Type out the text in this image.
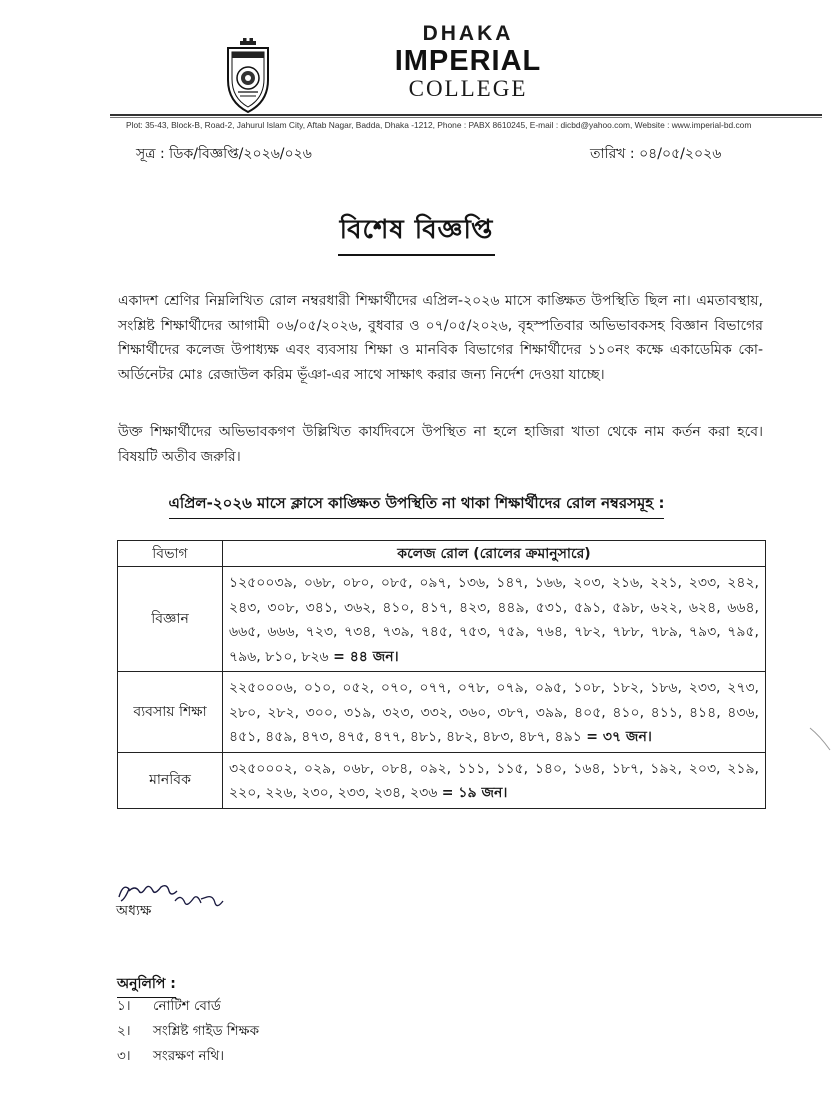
DHAKA
IMPERIAL
COLLEGE
Plot: 35-43, Block-B, Road-2, Jahurul Islam City, Aftab Nagar, Badda, Dhaka -1212, Phone : PABX 8610245, E-mail : dicbd@yahoo.com, Website : www.imperial-bd.com
সূত্র : ডিক/বিজ্ঞপ্তি/২০২৬/০২৬	তারিখ : ০৪/০৫/২০২৬
বিশেষ বিজ্ঞপ্তি
একাদশ শ্রেণির নিম্নলিখিত রোল নম্বরধারী শিক্ষার্থীদের এপ্রিল-২০২৬ মাসে কাঙ্ক্ষিত উপস্থিতি ছিল না। এমতাবস্থায়, সংশ্লিষ্ট শিক্ষার্থীদের আগামী ০৬/০৫/২০২৬, বুধবার ও ০৭/০৫/২০২৬, বৃহস্পতিবার অভিভাবকসহ বিজ্ঞান বিভাগের শিক্ষার্থীদের কলেজ উপাধ্যক্ষ এবং ব্যবসায় শিক্ষা ও মানবিক বিভাগের শিক্ষার্থীদের ১১০নং কক্ষে একাডেমিক কো-অর্ডিনেটর মোঃ রেজাউল করিম ভূঁঞা-এর সাথে সাক্ষাৎ করার জন্য নির্দেশ দেওয়া যাচ্ছে।
উক্ত শিক্ষার্থীদের অভিভাবকগণ উল্লিখিত কার্যদিবসে উপস্থিত না হলে হাজিরা খাতা থেকে নাম কর্তন করা হবে। বিষয়টি অতীব জরুরি।
এপ্রিল-২০২৬ মাসে ক্লাসে কাঙ্ক্ষিত উপস্থিতি না থাকা শিক্ষার্থীদের রোল নম্বরসমূহ :
বিভাগ	কলেজ রোল (রোলের ক্রমানুসারে)
বিজ্ঞান	১২৫০০৩৯, ০৬৮, ০৮০, ০৮৫, ০৯৭, ১৩৬, ১৪৭, ১৬৬, ২০৩, ২১৬, ২২১, ২৩৩, ২৪২, ২৪৩, ৩০৮, ৩৪১, ৩৬২, ৪১০, ৪১৭, ৪২৩, ৪৪৯, ৫৩১, ৫৯১, ৫৯৮, ৬২২, ৬২৪, ৬৬৪, ৬৬৫, ৬৬৬, ৭২৩, ৭৩৪, ৭৩৯, ৭৪৫, ৭৫৩, ৭৫৯, ৭৬৪, ৭৮২, ৭৮৮, ৭৮৯, ৭৯৩, ৭৯৫, ৭৯৬, ৮১০, ৮২৬ = ৪৪ জন।
ব্যবসায় শিক্ষা	২২৫০০০৬, ০১০, ০৫২, ০৭০, ০৭৭, ০৭৮, ০৭৯, ০৯৫, ১০৮, ১৮২, ১৮৬, ২৩৩, ২৭৩, ২৮০, ২৮২, ৩০০, ৩১৯, ৩২৩, ৩৩২, ৩৬০, ৩৮৭, ৩৯৯, ৪০৫, ৪১০, ৪১১, ৪১৪, ৪৩৬, ৪৫১, ৪৫৯, ৪৭৩, ৪৭৫, ৪৭৭, ৪৮১, ৪৮২, ৪৮৩, ৪৮৭, ৪৯১ = ৩৭ জন।
মানবিক	৩২৫০০০২, ০২৯, ০৬৮, ০৮৪, ০৯২, ১১১, ১১৫, ১৪০, ১৬৪, ১৮৭, ১৯২, ২০৩, ২১৯, ২২০, ২২৬, ২৩০, ২৩৩, ২৩৪, ২৩৬ = ১৯ জন।
অধ্যক্ষ
অনুলিপি :
১। নোটিশ বোর্ড
২। সংশ্লিষ্ট গাইড শিক্ষক
৩। সংরক্ষণ নথি।
